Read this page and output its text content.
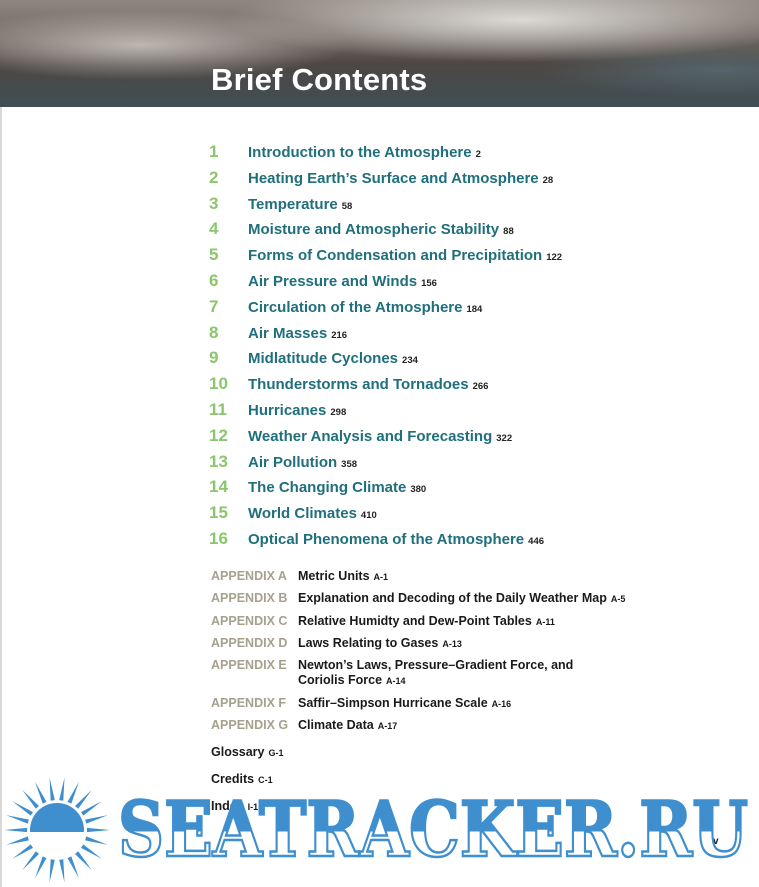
Brief Contents
1 Introduction to the Atmosphere 2
2 Heating Earth’s Surface and Atmosphere 28
3 Temperature 58
4 Moisture and Atmospheric Stability 88
5 Forms of Condensation and Precipitation 122
6 Air Pressure and Winds 156
7 Circulation of the Atmosphere 184
8 Air Masses 216
9 Midlatitude Cyclones 234
10 Thunderstorms and Tornadoes 266
11 Hurricanes 298
12 Weather Analysis and Forecasting 322
13 Air Pollution 358
14 The Changing Climate 380
15 World Climates 410
16 Optical Phenomena of the Atmosphere 446
APPENDIX A Metric Units A-1
APPENDIX B Explanation and Decoding of the Daily Weather Map A-5
APPENDIX C Relative Humidty and Dew-Point Tables A-11
APPENDIX D Laws Relating to Gases A-13
APPENDIX E Newton’s Laws, Pressure–Gradient Force, and Coriolis Force A-14
APPENDIX F Saffir–Simpson Hurricane Scale A-16
APPENDIX G Climate Data A-17
Glossary G-1
Credits C-1
Index I-1
v
SEATRACKER.RU
